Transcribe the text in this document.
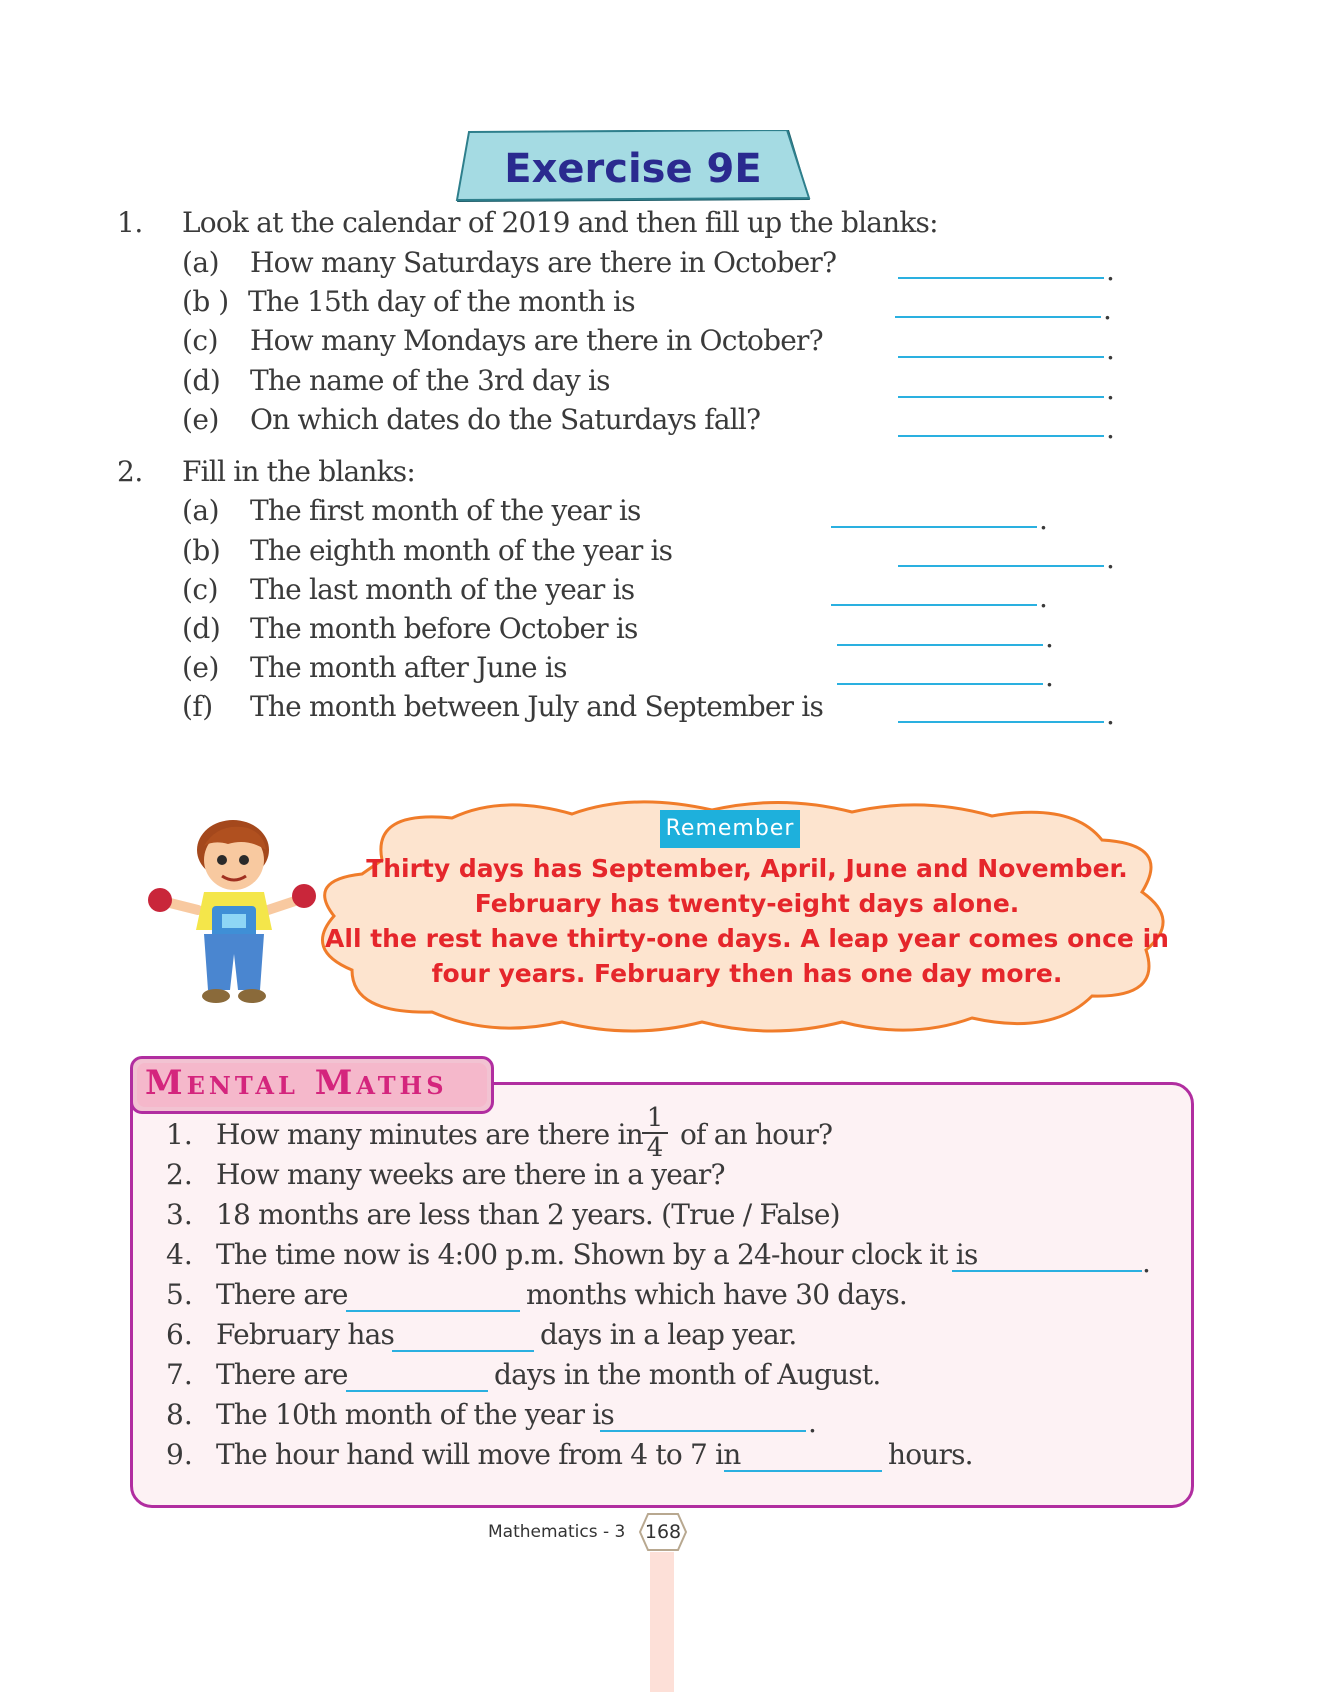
Exercise 9E
1. Look at the calendar of 2019 and then fill up the blanks:
(a) How many Saturdays are there in October?	.
(b ) The 15th day of the month is	.
(c) How many Mondays are there in October?	.
(d) The name of the 3rd day is	.
(e) On which dates do the Saturdays fall?	.
2. Fill in the blanks:
(a) The first month of the year is	.
(b) The eighth month of the year is	.
(c) The last month of the year is	.
(d) The month before October is	.
(e) The month after June is	.
(f) The month between July and September is	.
Remember
Thirty days has September, April, June and November.
February has twenty-eight days alone.
All the rest have thirty-one days. A leap year comes once in
four years. February then has one day more.
Mental Maths
1. How many minutes are there in 1
4 of an hour?
2. How many weeks are there in a year?
3. 18 months are less than 2 years. (True / False)
4. The time now is 4:00 p.m. Shown by a 24-hour clock it is	.
5. There are	months which have 30 days.
6. February has	days in a leap year.
7. There are	days in the month of August.
8. The 10th month of the year is	.
9. The hour hand will move from 4 to 7 in	hours.
Mathematics - 3	168
